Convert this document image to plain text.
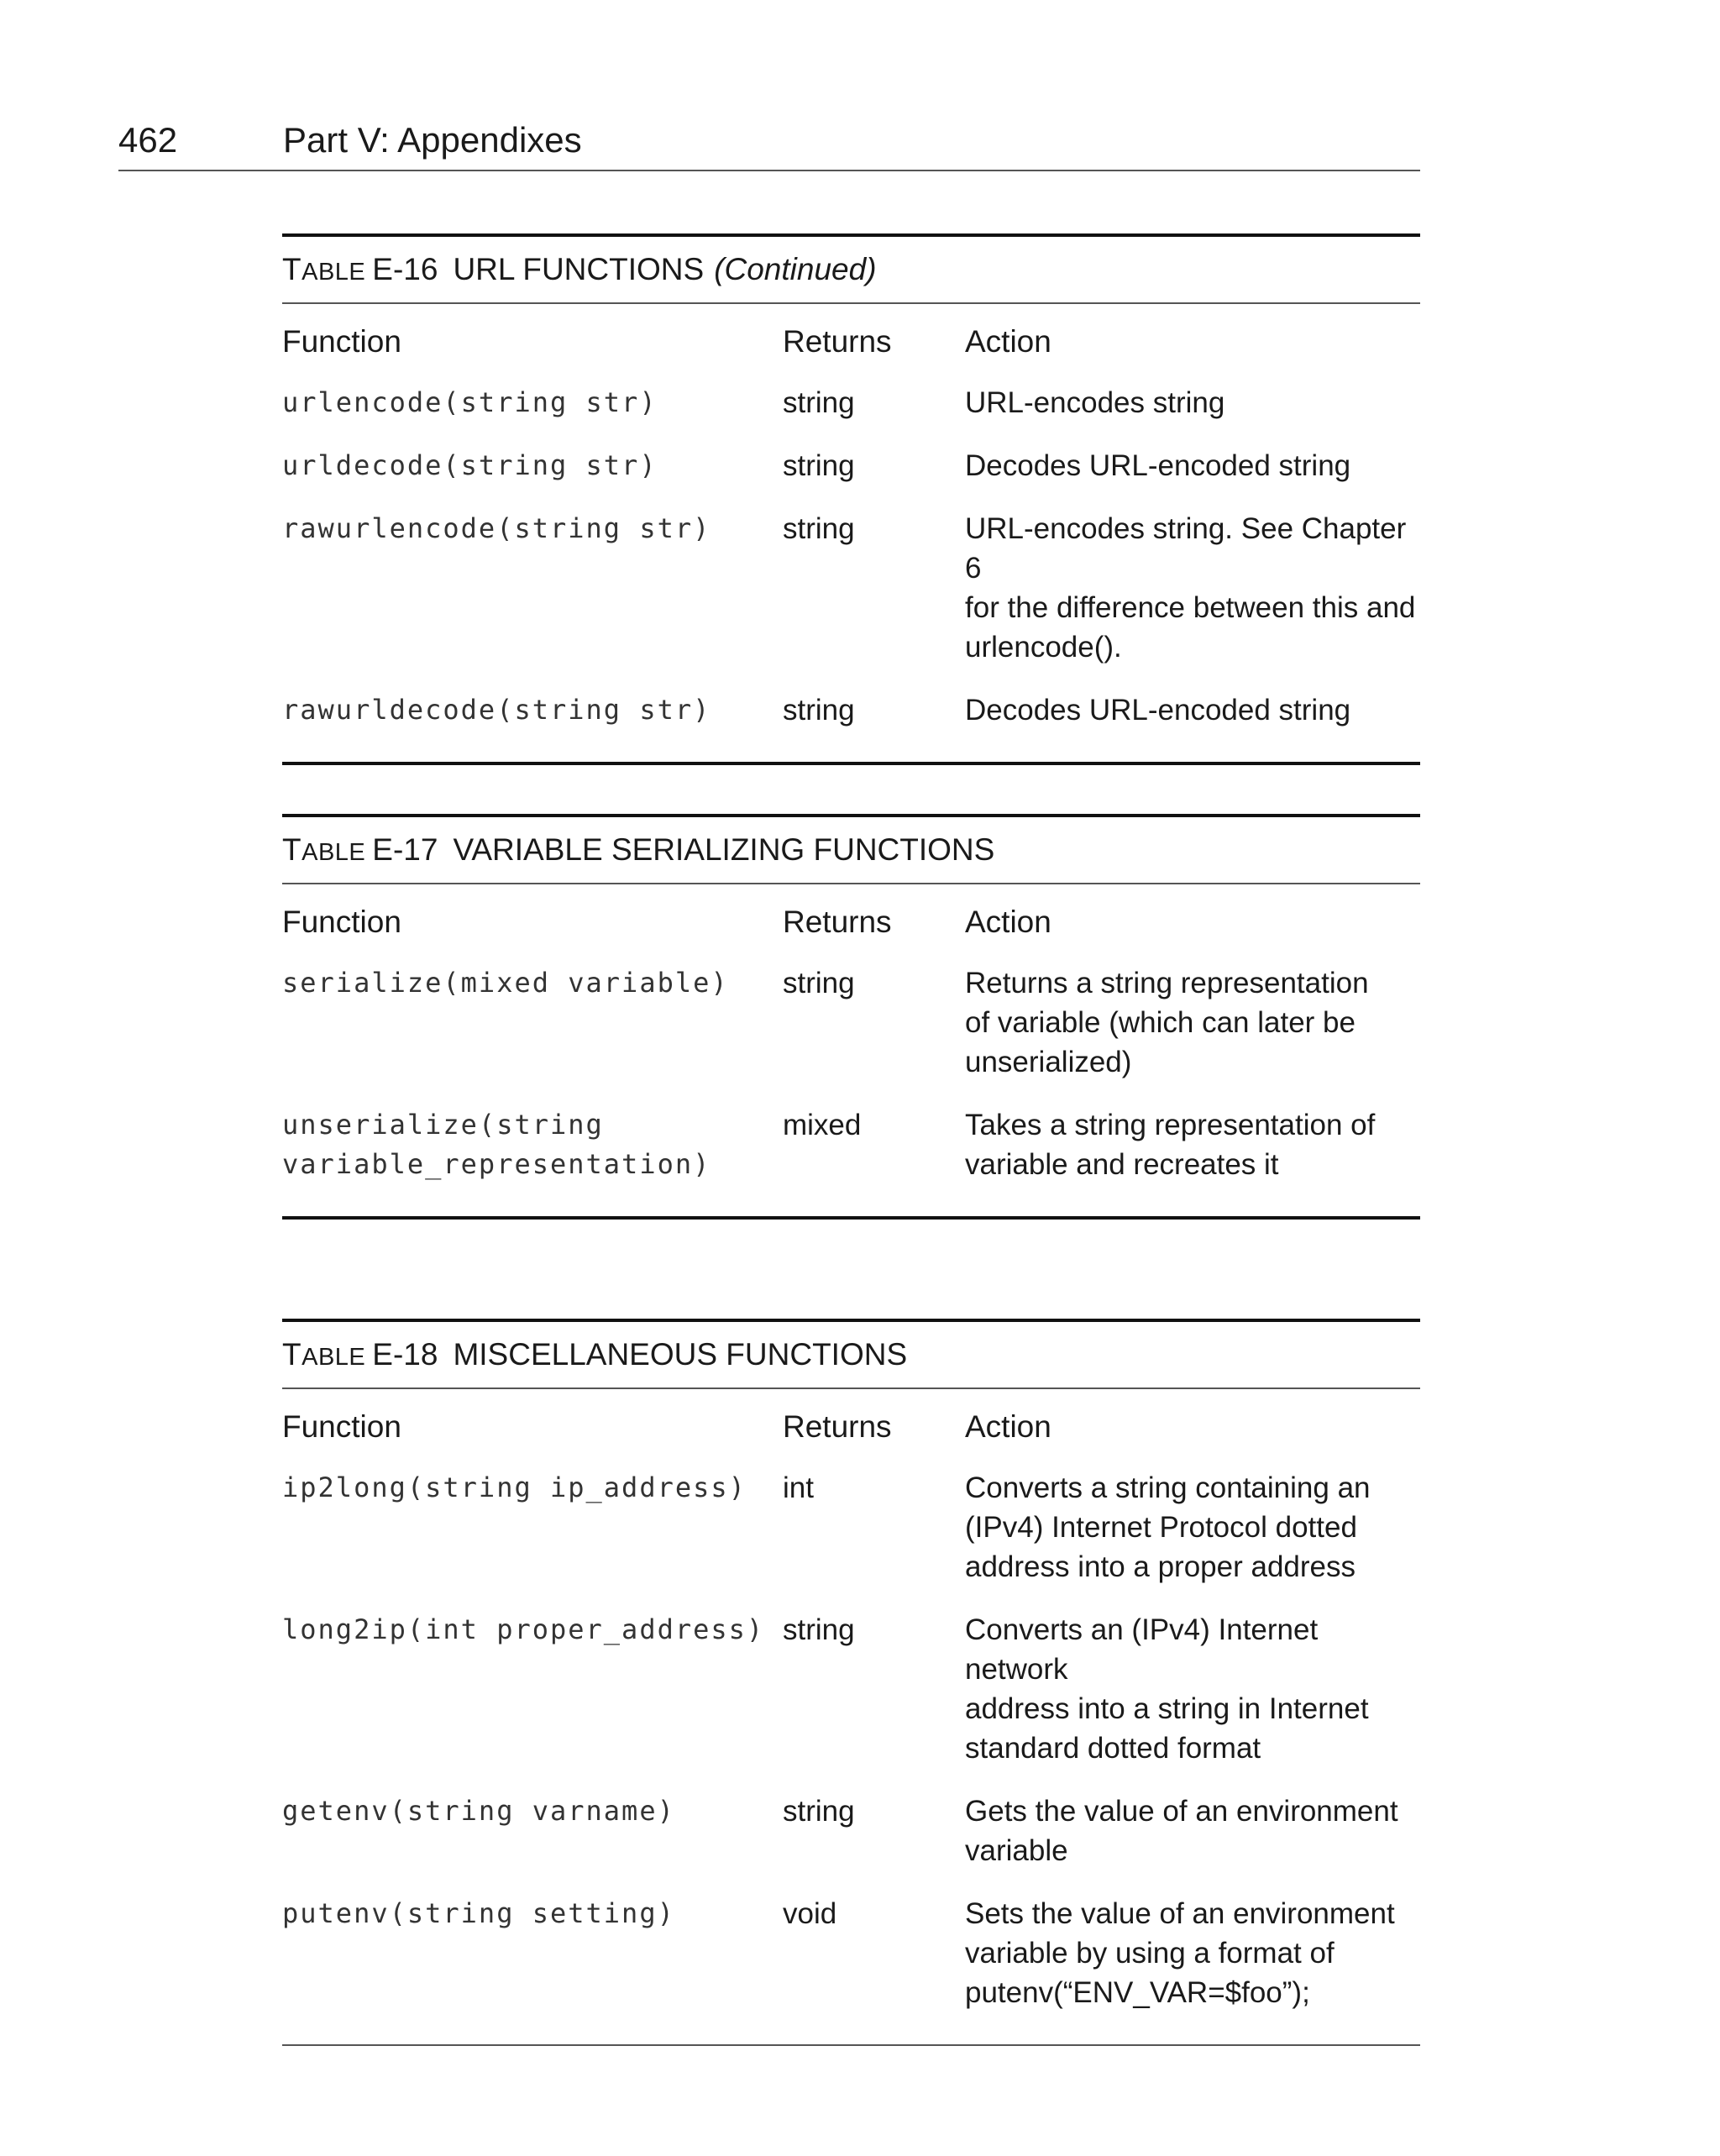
462	Part V: Appendixes
TABLE E-16 URL FUNCTIONS (Continued)
Function	Returns	Action
urlencode(string str)	string	URL-encodes string
urldecode(string str)	string	Decodes URL-encoded string
rawurlencode(string str)	string	URL-encodes string. See Chapter 6
for the difference between this and
urlencode().
rawurldecode(string str)	string	Decodes URL-encoded string
TABLE E-17 VARIABLE SERIALIZING FUNCTIONS
Function	Returns	Action
serialize(mixed variable)	string	Returns a string representation
of variable (which can later be
unserialized)
unserialize(string
variable_representation)	mixed	Takes a string representation of
variable and recreates it
TABLE E-18 MISCELLANEOUS FUNCTIONS
Function	Returns	Action
ip2long(string ip_address)	int	Converts a string containing an
(IPv4) Internet Protocol dotted
address into a proper address
long2ip(int proper_address)	string	Converts an (IPv4) Internet network
address into a string in Internet
standard dotted format
getenv(string varname)	string	Gets the value of an environment
variable
putenv(string setting)	void	Sets the value of an environment
variable by using a format of
putenv(“ENV_VAR=$foo”);
